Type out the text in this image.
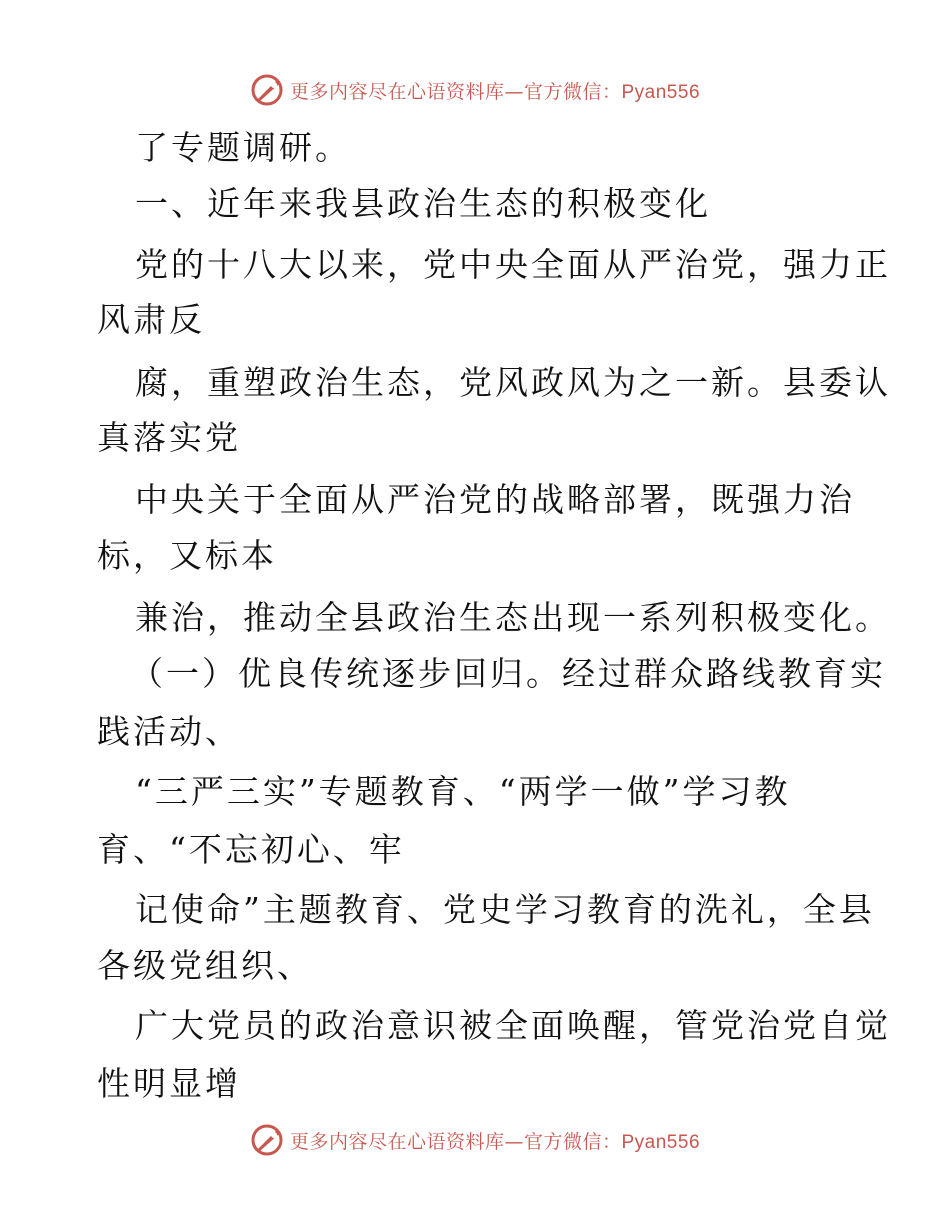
更多内容尽在心语资料库—官方微信：Pyan556
了专题调研。
一、近年来我县政治生态的积极变化
党的十八大以来，党中央全面从严治党，强力正
风肃反
腐，重塑政治生态，党风政风为之一新。县委认
真落实党
中央关于全面从严治党的战略部署，既强力治
标，又标本
兼治，推动全县政治生态出现一系列积极变化。
（一）优良传统逐步回归。经过群众路线教育实
践活动、
“三严三实”专题教育、“两学一做”学习教
育、“不忘初心、牢
记使命”主题教育、党史学习教育的洗礼，全县
各级党组织、
广大党员的政治意识被全面唤醒，管党治党自觉
性明显增
更多内容尽在心语资料库—官方微信：Pyan556
